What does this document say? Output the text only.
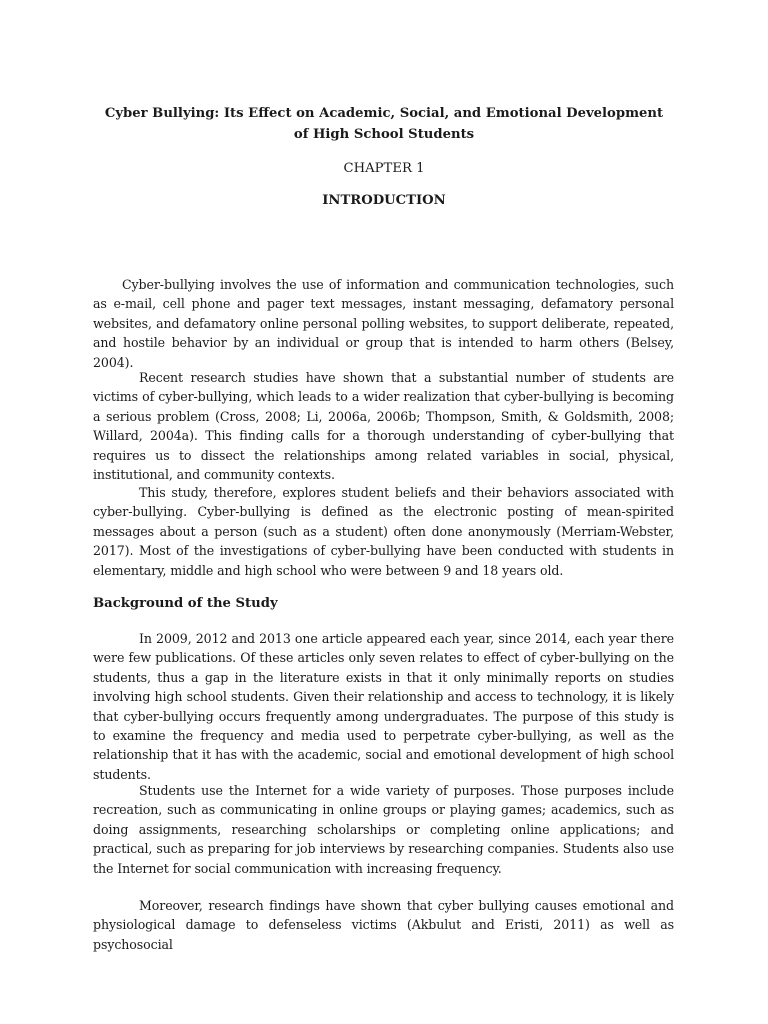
Cyber Bullying: Its Effect on Academic, Social, and Emotional Development of High School Students
CHAPTER 1
INTRODUCTION

Cyber-bullying involves the use of information and communication technologies, such as e-mail, cell phone and pager text messages, instant messaging, defamatory personal websites, and defamatory online personal polling websites, to support deliberate, repeated, and hostile behavior by an individual or group that is intended to harm others (Belsey, 2004).

Recent research studies have shown that a substantial number of students are victims of cyber-bullying, which leads to a wider realization that cyber-bullying is becoming a serious problem (Cross, 2008; Li, 2006a, 2006b; Thompson, Smith, & Goldsmith, 2008; Willard, 2004a). This finding calls for a thorough understanding of cyber-bullying that requires us to dissect the relationships among related variables in social, physical, institutional, and community contexts.

This study, therefore, explores student beliefs and their behaviors associated with cyber-bullying. Cyber-bullying is defined as the electronic posting of mean-spirited messages about a person (such as a student) often done anonymously (Merriam-Webster, 2017). Most of the investigations of cyber-bullying have been conducted with students in elementary, middle and high school who were between 9 and 18 years old.

Background of the Study

In 2009, 2012 and 2013 one article appeared each year, since 2014, each year there were few publications. Of these articles only seven relates to effect of cyber-bullying on the students, thus a gap in the literature exists in that it only minimally reports on studies involving high school students. Given their relationship and access to technology, it is likely that cyber-bullying occurs frequently among undergraduates. The purpose of this study is to examine the frequency and media used to perpetrate cyber-bullying, as well as the relationship that it has with the academic, social and emotional development of high school students.

Students use the Internet for a wide variety of purposes. Those purposes include recreation, such as communicating in online groups or playing games; academics, such as doing assignments, researching scholarships or completing online applications; and practical, such as preparing for job interviews by researching companies. Students also use the Internet for social communication with increasing frequency.

Moreover, research findings have shown that cyber bullying causes emotional and physiological damage to defenseless victims (Akbulut and Eristi, 2011) as well as psychosocial
